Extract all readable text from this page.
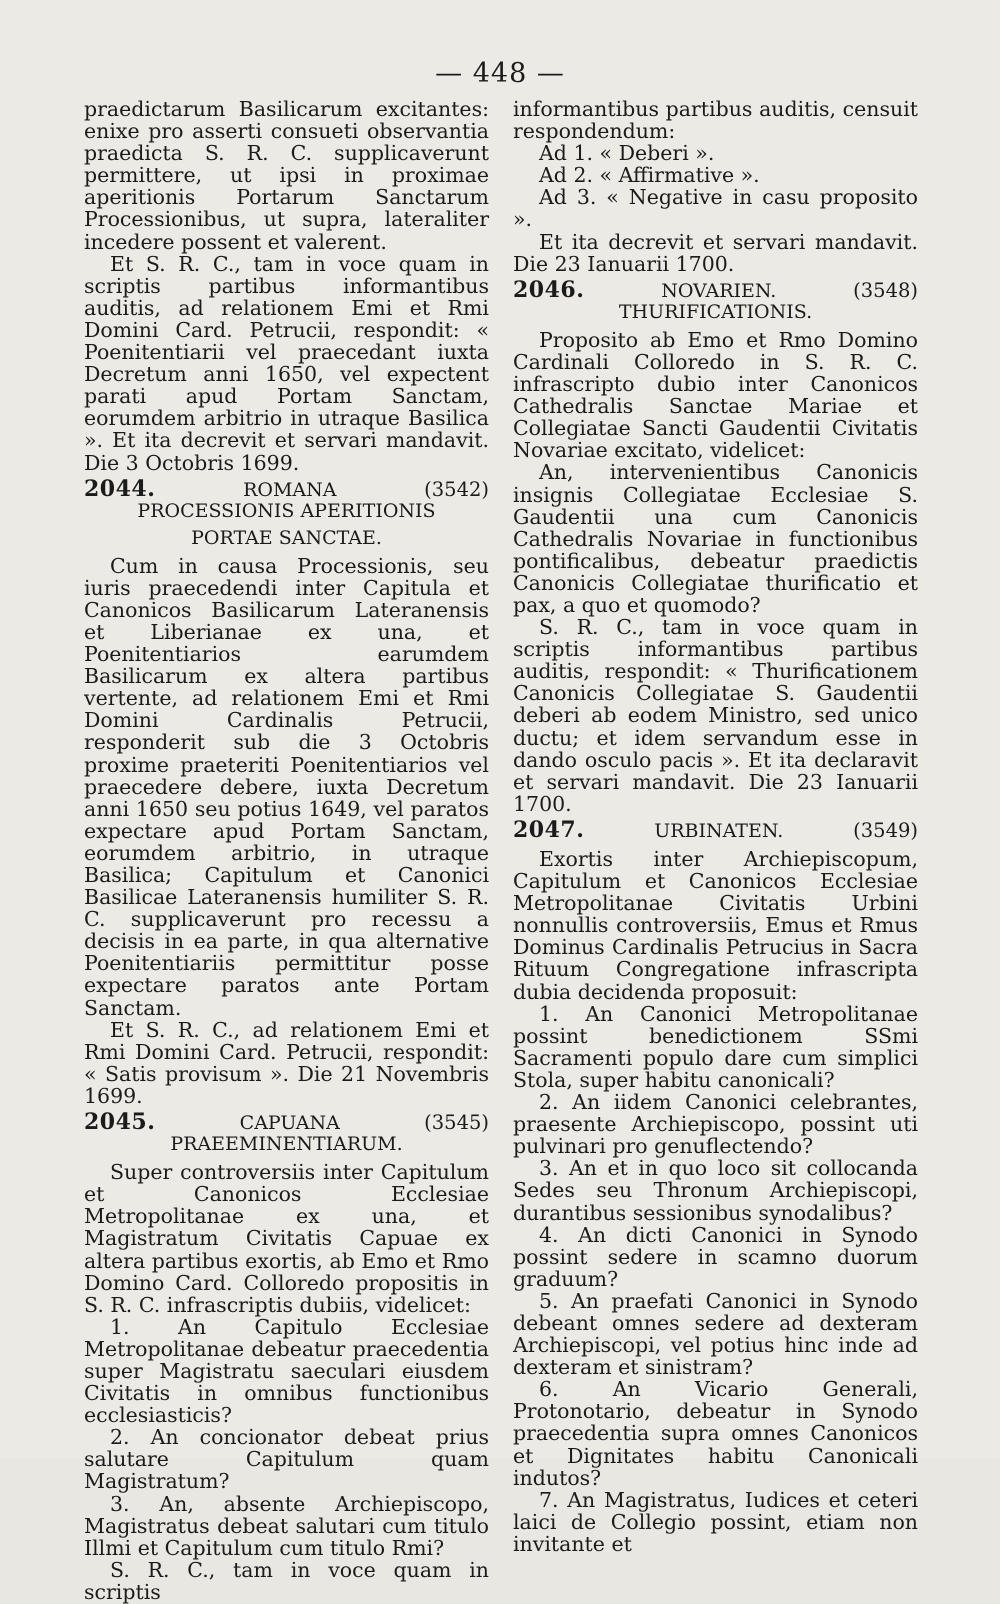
— 448 —

praedictarum Basilicarum excitantes: enixe pro asserti consueti observantia praedicta S. R. C. supplicaverunt permittere, ut ipsi in proximae aperitionis Portarum Sanctarum Processionibus, ut supra, lateraliter incedere possent et valerent.

Et S. R. C., tam in voce quam in scriptis partibus informantibus auditis, ad relationem Emi et Rmi Domini Card. Petrucii, respondit: « Poenitentiarii vel praecedant iuxta Decretum anni 1650, vel expectent parati apud Portam Sanctam, eorumdem arbitrio in utraque Basilica ». Et ita decrevit et servari mandavit. Die 3 Octobris 1699.

2044.	ROMANA	(3542)
PROCESSIONIS APERITIONIS
PORTAE SANCTAE.

Cum in causa Processionis, seu iuris praecedendi inter Capitula et Canonicos Basilicarum Lateranensis et Liberianae ex una, et Poenitentiarios earumdem Basilicarum ex altera partibus vertente, ad relationem Emi et Rmi Domini Cardinalis Petrucii, responderit sub die 3 Octobris proxime praeteriti Poenitentiarios vel praecedere debere, iuxta Decretum anni 1650 seu potius 1649, vel paratos expectare apud Portam Sanctam, eorumdem arbitrio, in utraque Basilica; Capitulum et Canonici Basilicae Lateranensis humiliter S. R. C. supplicaverunt pro recessu a decisis in ea parte, in qua alternative Poenitentiariis permittitur posse expectare paratos ante Portam Sanctam.

Et S. R. C., ad relationem Emi et Rmi Domini Card. Petrucii, respondit: « Satis provisum ». Die 21 Novembris 1699.

2045.	CAPUANA	(3545)
PRAEEMINENTIARUM.

Super controversiis inter Capitulum et Canonicos Ecclesiae Metropolitanae ex una, et Magistratum Civitatis Capuae ex altera partibus exortis, ab Emo et Rmo Domino Card. Colloredo propositis in S. R. C. infrascriptis dubiis, videlicet:

1. An Capitulo Ecclesiae Metropolitanae debeatur praecedentia super Magistratu saeculari eiusdem Civitatis in omnibus functionibus ecclesiasticis?

2. An concionator debeat prius salutare Capitulum quam Magistratum?

3. An, absente Archiepiscopo, Magistratus debeat salutari cum titulo Illmi et Capitulum cum titulo Rmi?

S. R. C., tam in voce quam in scriptis

informantibus partibus auditis, censuit respondendum:

Ad 1. « Deberi ».

Ad 2. « Affirmative ».

Ad 3. « Negative in casu proposito ».

Et ita decrevit et servari mandavit. Die 23 Ianuarii 1700.

2046.	NOVARIEN.	(3548)
THURIFICATIONIS.

Proposito ab Emo et Rmo Domino Cardinali Colloredo in S. R. C. infrascripto dubio inter Canonicos Cathedralis Sanctae Mariae et Collegiatae Sancti Gaudentii Civitatis Novariae excitato, videlicet:

An, intervenientibus Canonicis insignis Collegiatae Ecclesiae S. Gaudentii una cum Canonicis Cathedralis Novariae in functionibus pontificalibus, debeatur praedictis Canonicis Collegiatae thurificatio et pax, a quo et quomodo?

S. R. C., tam in voce quam in scriptis informantibus partibus auditis, respondit: « Thurificationem Canonicis Collegiatae S. Gaudentii deberi ab eodem Ministro, sed unico ductu; et idem servandum esse in dando osculo pacis ». Et ita declaravit et servari mandavit. Die 23 Ianuarii 1700.

2047.	URBINATEN.	(3549)

Exortis inter Archiepiscopum, Capitulum et Canonicos Ecclesiae Metropolitanae Civitatis Urbini nonnullis controversiis, Emus et Rmus Dominus Cardinalis Petrucius in Sacra Rituum Congregatione infrascripta dubia decidenda proposuit:

1. An Canonici Metropolitanae possint benedictionem SSmi Sacramenti populo dare cum simplici Stola, super habitu canonicali?

2. An iidem Canonici celebrantes, praesente Archiepiscopo, possint uti pulvinari pro genuflectendo?

3. An et in quo loco sit collocanda Sedes seu Thronum Archiepiscopi, durantibus sessionibus synodalibus?

4. An dicti Canonici in Synodo possint sedere in scamno duorum graduum?

5. An praefati Canonici in Synodo debeant omnes sedere ad dexteram Archiepiscopi, vel potius hinc inde ad dexteram et sinistram?

6. An Vicario Generali, Protonotario, debeatur in Synodo praecedentia supra omnes Canonicos et Dignitates habitu Canonicali indutos?

7. An Magistratus, Iudices et ceteri laici de Collegio possint, etiam non invitante et
